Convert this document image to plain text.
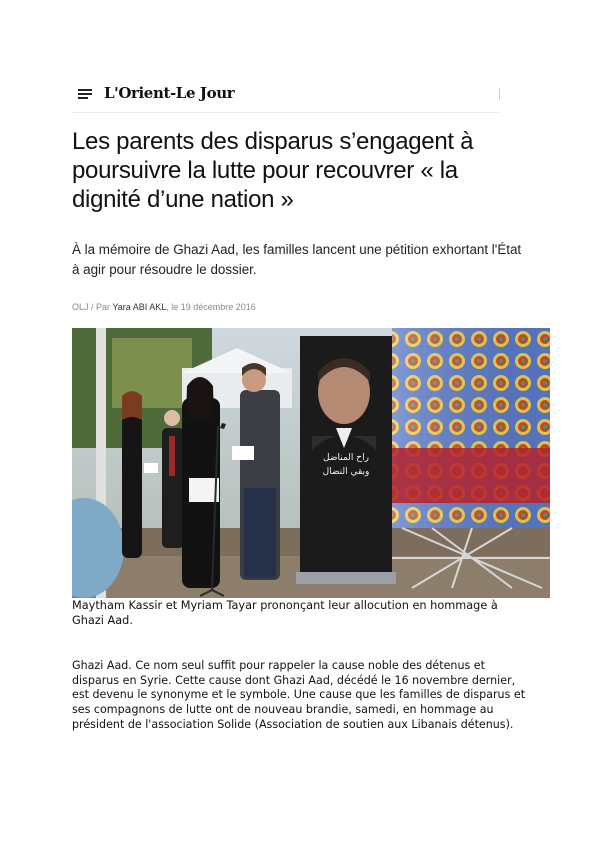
L'Orient-Le Jour
Les parents des disparus s’engagent à poursuivre la lutte pour recouvrer « la dignité d’une nation »

À la mémoire de Ghazi Aad, les familles lancent une pétition exhortant l'État à agir pour résoudre le dossier.

OLJ / Par Yara ABI AKL, le 19 décembre 2016
راح المناضل
وبقي النضال

Maytham Kassir et Myriam Tayar prononçant leur allocution en hommage à Ghazi Aad.

Ghazi Aad. Ce nom seul suffit pour rappeler la cause noble des détenus et disparus en Syrie. Cette cause dont Ghazi Aad, décédé le 16 novembre dernier, est devenu le synonyme et le symbole. Une cause que les familles de disparus et ses compagnons de lutte ont de nouveau brandie, samedi, en hommage au président de l'association Solide (Association de soutien aux Libanais détenus).
